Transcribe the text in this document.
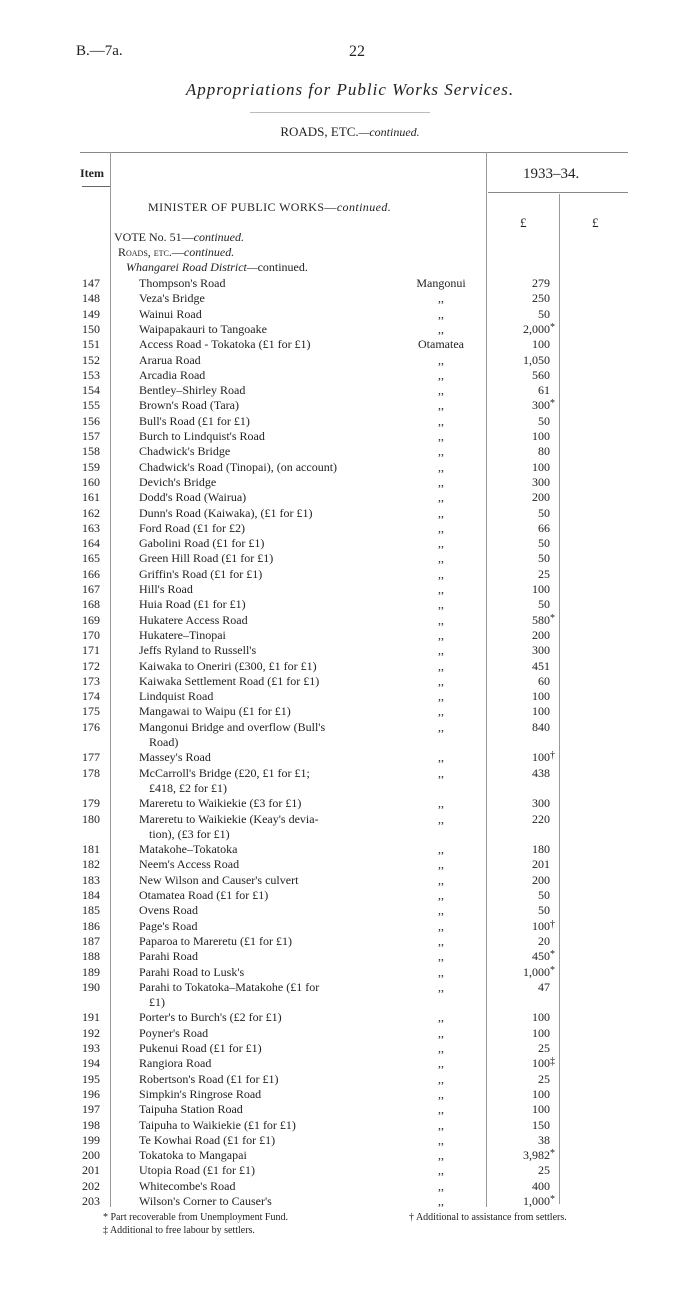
B.—7a.	22
Appropriations for Public Works Services.
ROADS, ETC.—continued.
Item	1933–34.
£	£
MINISTER OF PUBLIC WORKS—continued.
VOTE No. 51—continued.
Roads, etc.—continued.
Whangarei Road District—continued.
147	Thompson's Road	Mangonui	279
148	Veza's Bridge	,,	250
149	Wainui Road	,,	50
150	Waipapakauri to Tangoake	,,	2,000 *
151	Access Road - Tokatoka (£1 for £1)	Otamatea	100
152	Ararua Road	,,	1,050
153	Arcadia Road	,,	560
154	Bentley–Shirley Road	,,	61
155	Brown's Road (Tara)	,,	300 *
156	Bull's Road (£1 for £1)	,,	50
157	Burch to Lindquist's Road	,,	100
158	Chadwick's Bridge	,,	80
159	Chadwick's Road (Tinopai), (on account)	,,	100
160	Devich's Bridge	,,	300
161	Dodd's Road (Wairua)	,,	200
162	Dunn's Road (Kaiwaka), (£1 for £1)	,,	50
163	Ford Road (£1 for £2)	,,	66
164	Gabolini Road (£1 for £1)	,,	50
165	Green Hill Road (£1 for £1)	,,	50
166	Griffin's Road (£1 for £1)	,,	25
167	Hill's Road	,,	100
168	Huia Road (£1 for £1)	,,	50
169	Hukatere Access Road	,,	580 *
170	Hukatere–Tinopai	,,	200
171	Jeffs Ryland to Russell's	,,	300
172	Kaiwaka to Oneriri (£300, £1 for £1)	,,	451
173	Kaiwaka Settlement Road (£1 for £1)	,,	60
174	Lindquist Road	,,	100
175	Mangawai to Waipu (£1 for £1)	,,	100
176	Mangonui Bridge and overflow (Bull's	,,	840
Road)
177	Massey's Road	,,	100 †
178	McCarroll's Bridge (£20, £1 for £1;	,,	438
£418, £2 for £1)
179	Mareretu to Waikiekie (£3 for £1)	,,	300
180	Mareretu to Waikiekie (Keay's devia-	,,	220
tion), (£3 for £1)
181	Matakohe–Tokatoka	,,	180
182	Neem's Access Road	,,	201
183	New Wilson and Causer's culvert	,,	200
184	Otamatea Road (£1 for £1)	,,	50
185	Ovens Road	,,	50
186	Page's Road	,,	100 †
187	Paparoa to Mareretu (£1 for £1)	,,	20
188	Parahi Road	,,	450 *
189	Parahi Road to Lusk's	,,	1,000 *
190	Parahi to Tokatoka–Matakohe (£1 for	,,	47
£1)
191	Porter's to Burch's (£2 for £1)	,,	100
192	Poyner's Road	,,	100
193	Pukenui Road (£1 for £1)	,,	25
194	Rangiora Road	,,	100 ‡
195	Robertson's Road (£1 for £1)	,,	25
196	Simpkin's Ringrose Road	,,	100
197	Taipuha Station Road	,,	100
198	Taipuha to Waikiekie (£1 for £1)	,,	150
199	Te Kowhai Road (£1 for £1)	,,	38
200	Tokatoka to Mangapai	,,	3,982 *
201	Utopia Road (£1 for £1)	,,	25
202	Whitecombe's Road	,,	400
203	Wilson's Corner to Causer's	,,	1,000 *
* Part recoverable from Unemployment Fund.
‡ Additional to free labour by settlers.
† Additional to assistance from settlers.
